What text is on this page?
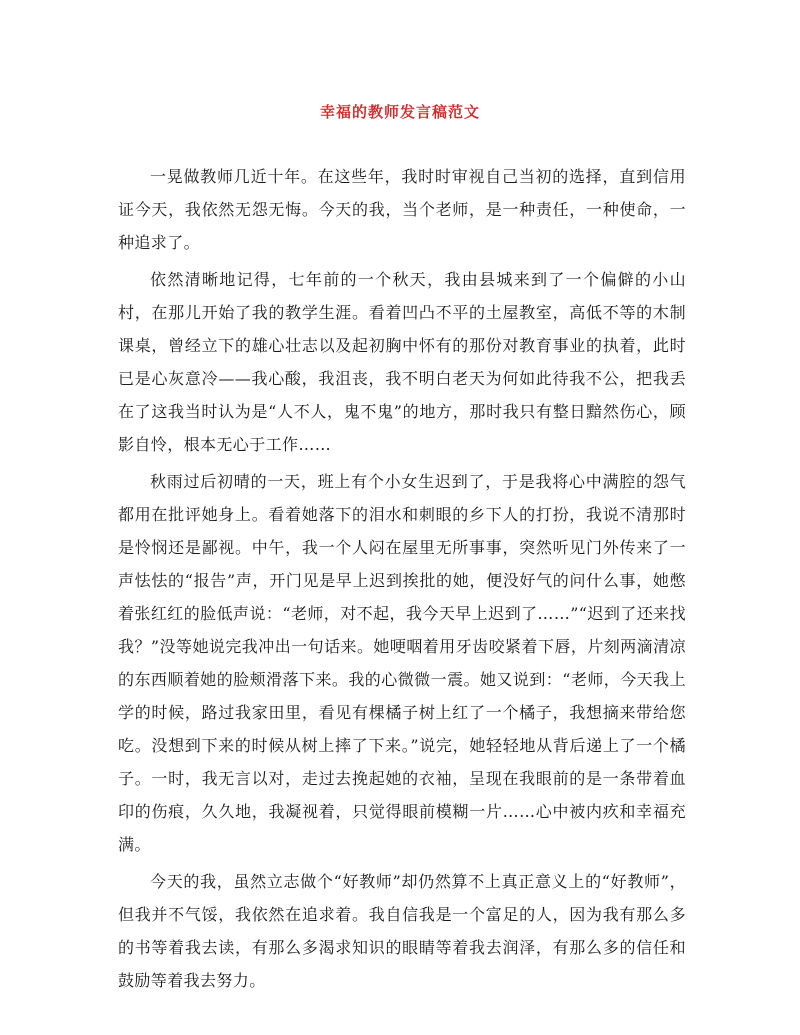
幸福的教师发言稿范文

一晃做教师几近十年。在这些年，我时时审视自己当初的选择，直到信用证今天，我依然无怨无悔。今天的我，当个老师，是一种责任，一种使命，一种追求了。

依然清晰地记得，七年前的一个秋天，我由县城来到了一个偏僻的小山村，在那儿开始了我的教学生涯。看着凹凸不平的土屋教室，高低不等的木制课桌，曾经立下的雄心壮志以及起初胸中怀有的那份对教育事业的执着，此时已是心灰意冷——我心酸，我沮丧，我不明白老天为何如此待我不公，把我丢在了这我当时认为是“人不人，鬼不鬼”的地方，那时我只有整日黯然伤心，顾影自怜，根本无心于工作……

秋雨过后初晴的一天，班上有个小女生迟到了，于是我将心中满腔的怨气都用在批评她身上。看着她落下的泪水和刺眼的乡下人的打扮，我说不清那时是怜悯还是鄙视。中午，我一个人闷在屋里无所事事，突然听见门外传来了一声怯怯的“报告”声，开门见是早上迟到挨批的她，便没好气的问什么事，她憋着张红红的脸低声说：“老师，对不起，我今天早上迟到了……”“迟到了还来找我？”没等她说完我冲出一句话来。她哽咽着用牙齿咬紧着下唇，片刻两滴清凉的东西顺着她的脸颊滑落下来。我的心微微一震。她又说到：“老师，今天我上学的时候，路过我家田里，看见有棵橘子树上红了一个橘子，我想摘来带给您吃。没想到下来的时候从树上摔了下来。”说完，她轻轻地从背后递上了一个橘子。一时，我无言以对，走过去挽起她的衣袖，呈现在我眼前的是一条带着血印的伤痕，久久地，我凝视着，只觉得眼前模糊一片……心中被内疚和幸福充满。

今天的我，虽然立志做个“好教师”却仍然算不上真正意义上的“好教师”，但我并不气馁，我依然在追求着。我自信我是一个富足的人，因为我有那么多的书等着我去读，有那么多渴求知识的眼睛等着我去润泽，有那么多的信任和鼓励等着我去努力。
